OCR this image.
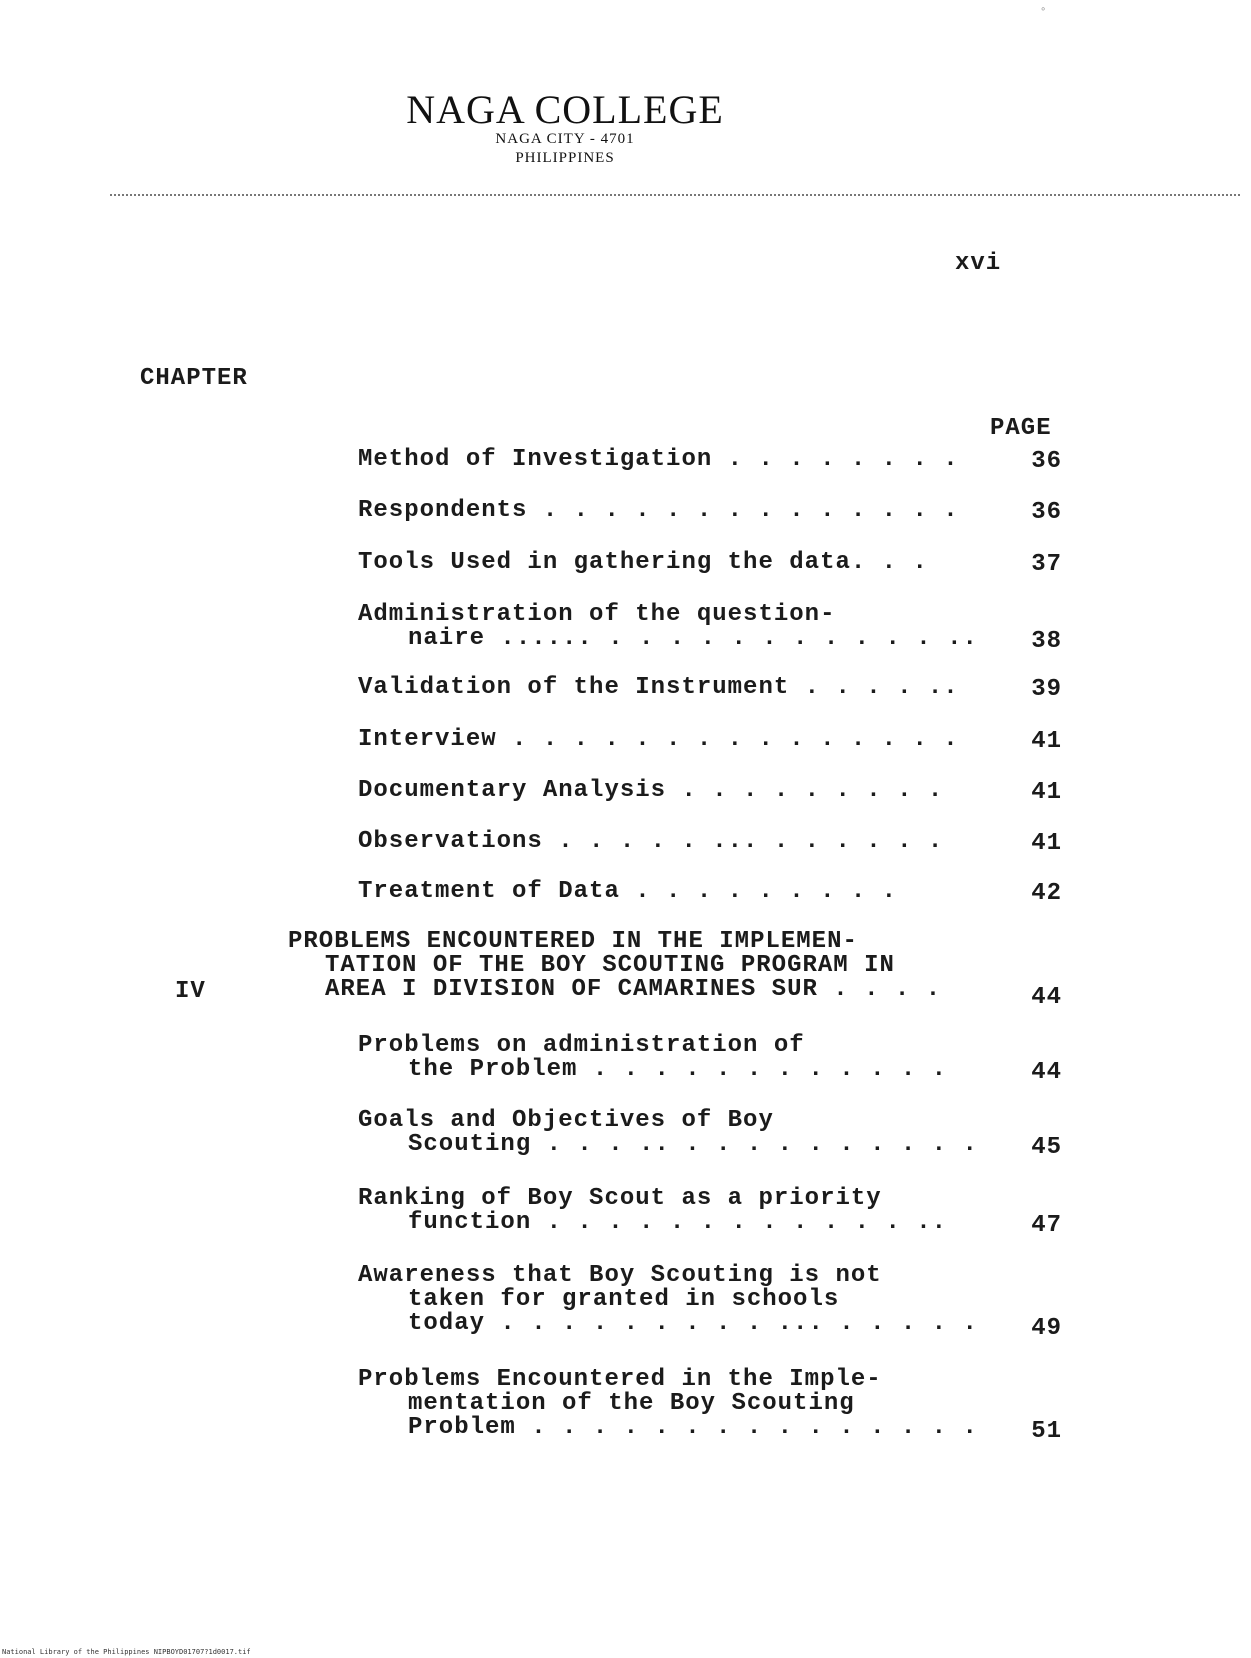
∘
NAGA COLLEGE
NAGA CITY - 4701
PHILIPPINES
xvi
CHAPTER
PAGE
IV
Method of Investigation . . . . . . . .	36
Respondents . . . . . . . . . . . . . .	36
Tools Used in gathering the data. . .	37
Administration of the question-
naire ...... . . . . . . . . . . . ..	38
Validation of the Instrument . . . . ..	39
Interview . . . . . . . . . . . . . . .	41
Documentary Analysis . . . . . . . . .	41
Observations . . . . . ... . . . . . .	41
Treatment of Data . . . . . . . . .	42
PROBLEMS ENCOUNTERED IN THE IMPLEMEN-
TATION OF THE BOY SCOUTING PROGRAM IN
AREA I DIVISION OF CAMARINES SUR . . . .	44
Problems on administration of
the Problem . . . . . . . . . . . .	44
Goals and Objectives of Boy
Scouting . . . .. . . . . . . . . . .	45
Ranking of Boy Scout as a priority
function . . . . . . . . . . . . ..	47
Awareness that Boy Scouting is not
taken for granted in schools
today . . . . . . . . . ... . . . . .	49
Problems Encountered in the Imple-
mentation of the Boy Scouting
Problem . . . . . . . . . . . . . . .	51
National Library of the Philippines NIPBOYD01707?1d0017.tif
